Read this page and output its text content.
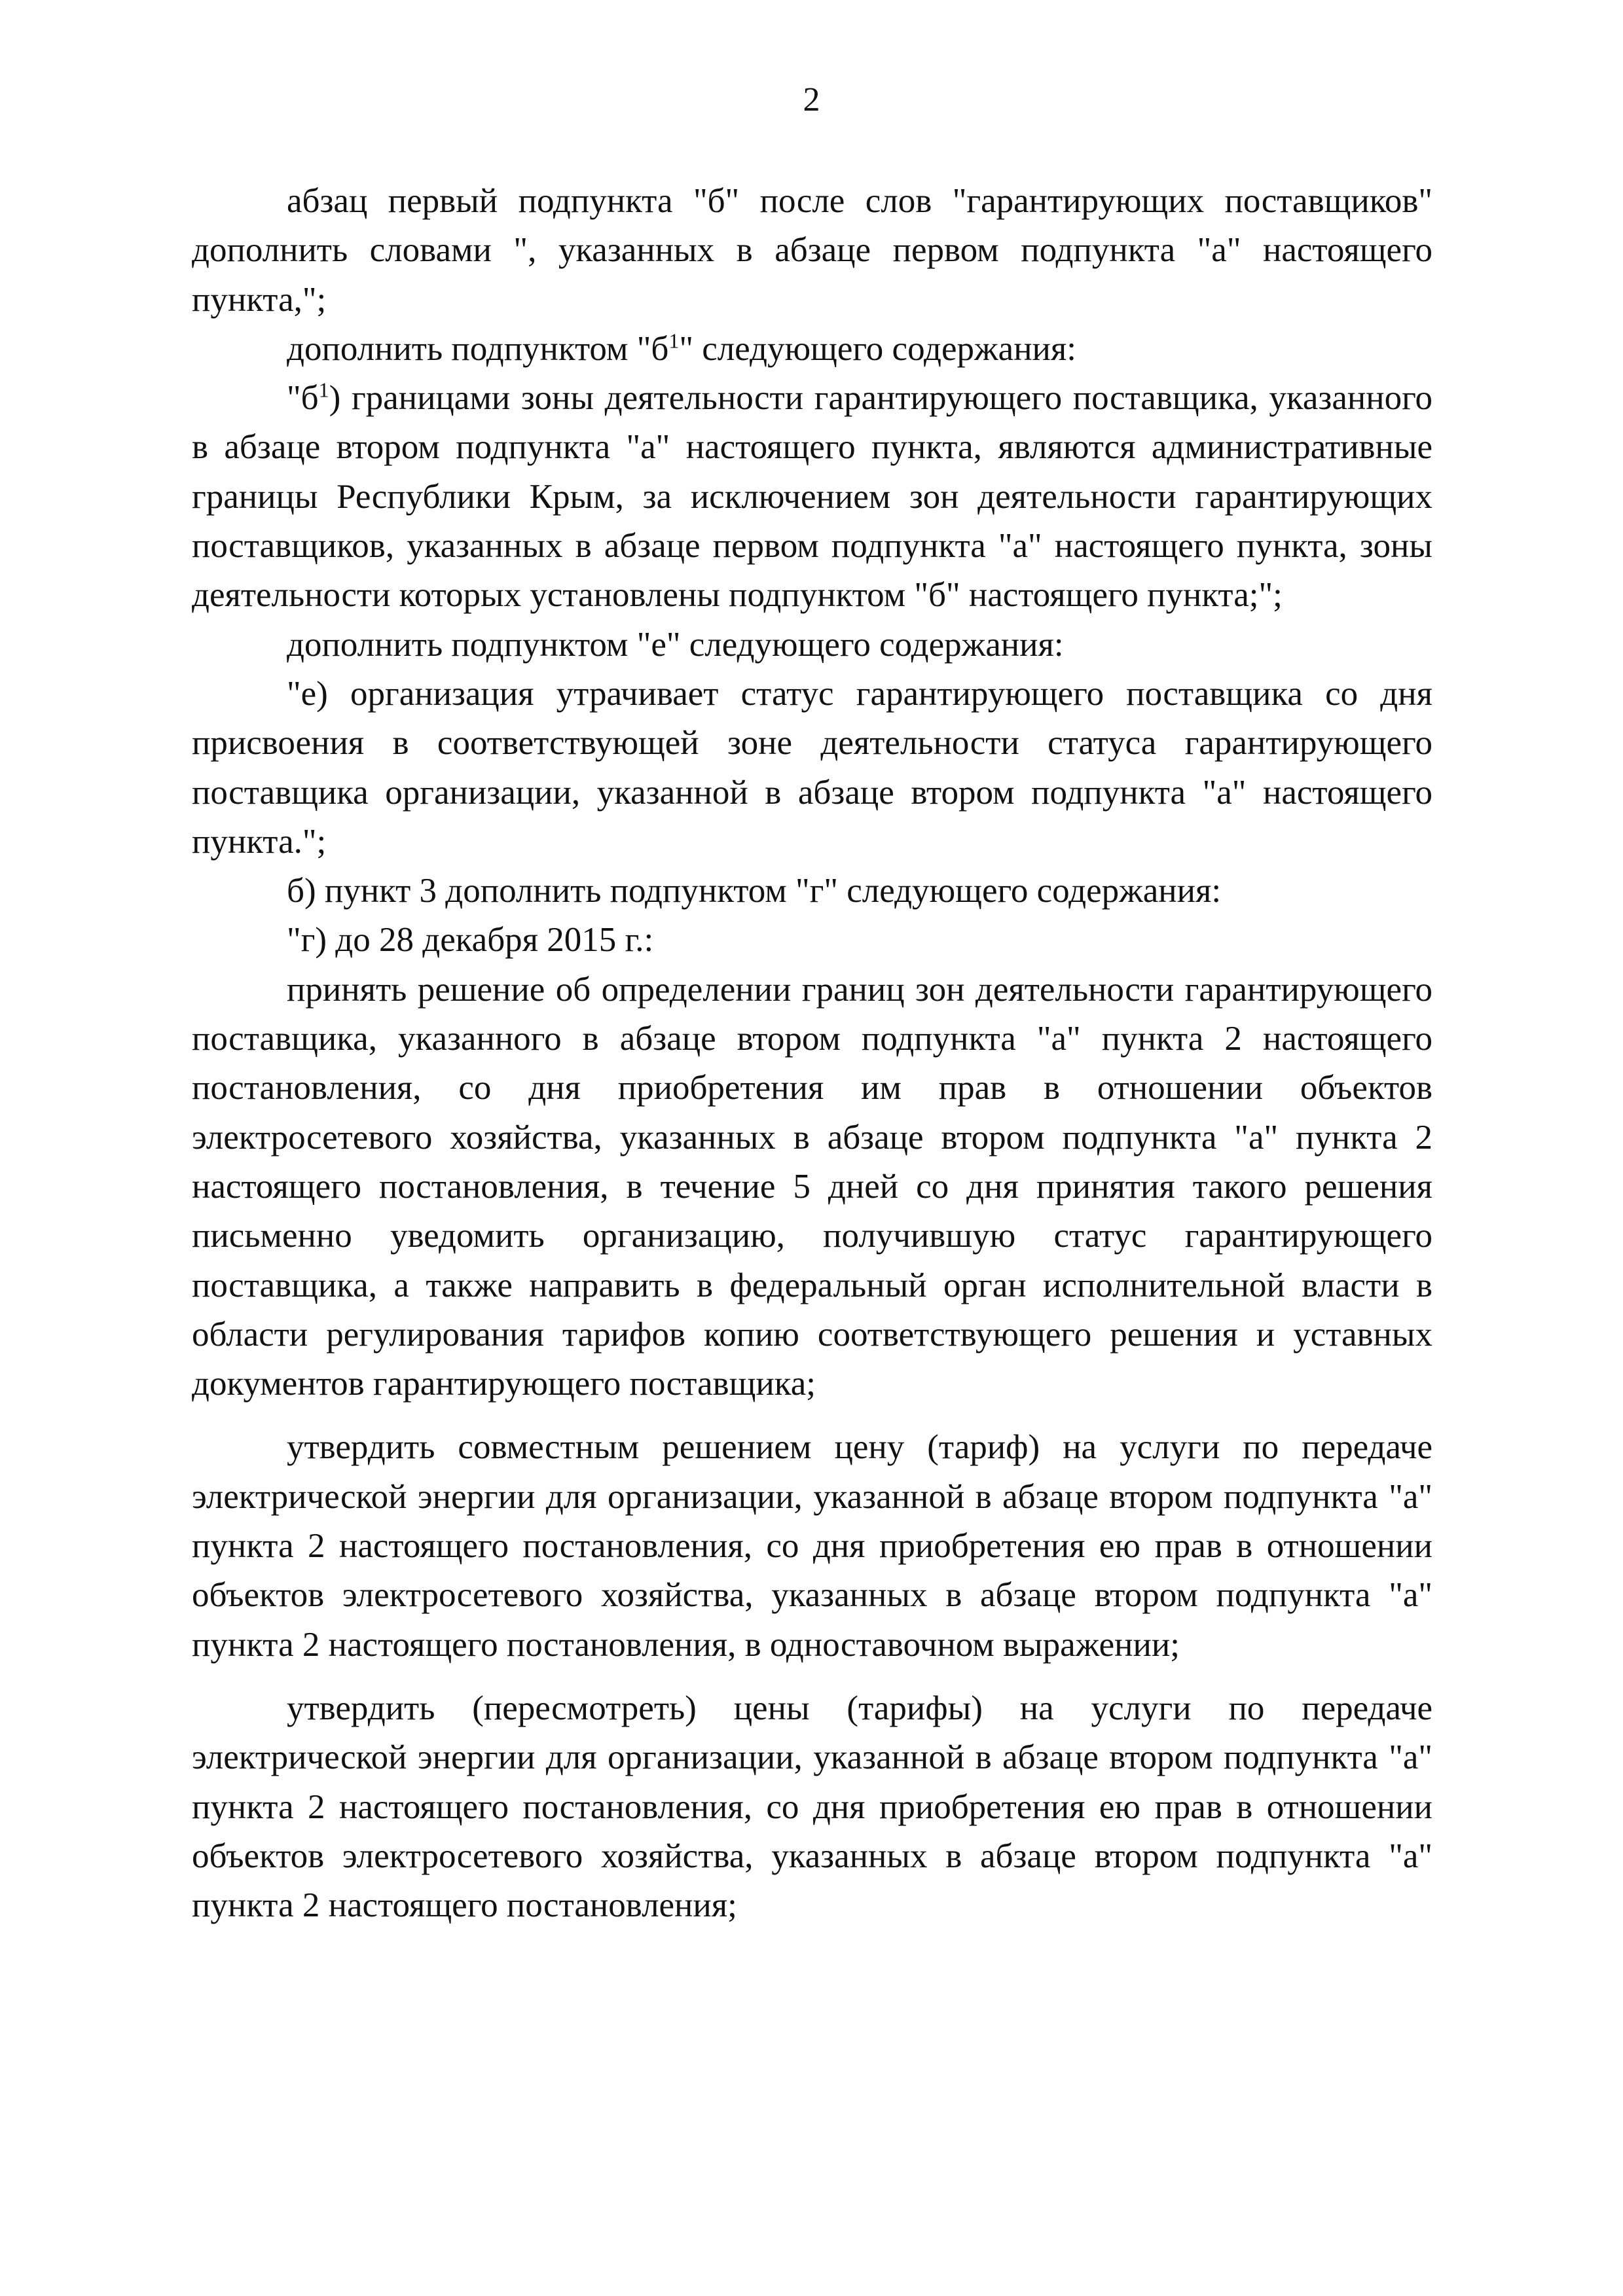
2

абзац первый подпункта "б" после слов "гарантирующих поставщиков" дополнить словами ", указанных в абзаце первом подпункта "а" настоящего пункта,";

дополнить подпунктом "$б^1$" следующего содержания:

"$б^1$) границами зоны деятельности гарантирующего поставщика, указанного в абзаце втором подпункта "а" настоящего пункта, являются административные границы Республики Крым, за исключением зон деятельности гарантирующих поставщиков, указанных в абзаце первом подпункта "а" настоящего пункта, зоны деятельности которых установлены подпунктом "б" настоящего пункта;";

дополнить подпунктом "е" следующего содержания:

"е) организация утрачивает статус гарантирующего поставщика со дня присвоения в соответствующей зоне деятельности статуса гарантирующего поставщика организации, указанной в абзаце втором подпункта "а" настоящего пункта.";

б) пункт 3 дополнить подпунктом "г" следующего содержания:

"г) до 28 декабря 2015 г.:

принять решение об определении границ зон деятельности гарантирующего поставщика, указанного в абзаце втором подпункта "а" пункта 2 настоящего постановления, со дня приобретения им прав в отношении объектов электросетевого хозяйства, указанных в абзаце втором подпункта "а" пункта 2 настоящего постановления, в течение 5 дней со дня принятия такого решения письменно уведомить организацию, получившую статус гарантирующего поставщика, а также направить в федеральный орган исполнительной власти в области регулирования тарифов копию соответствующего решения и уставных документов гарантирующего поставщика;

утвердить совместным решением цену (тариф) на услуги по передаче электрической энергии для организации, указанной в абзаце втором подпункта "а" пункта 2 настоящего постановления, со дня приобретения ею прав в отношении объектов электросетевого хозяйства, указанных в абзаце втором подпункта "а" пункта 2 настоящего постановления, в одноставочном выражении;

утвердить (пересмотреть) цены (тарифы) на услуги по передаче электрической энергии для организации, указанной в абзаце втором подпункта "а" пункта 2 настоящего постановления, со дня приобретения ею прав в отношении объектов электросетевого хозяйства, указанных в абзаце втором подпункта "а" пункта 2 настоящего постановления;
